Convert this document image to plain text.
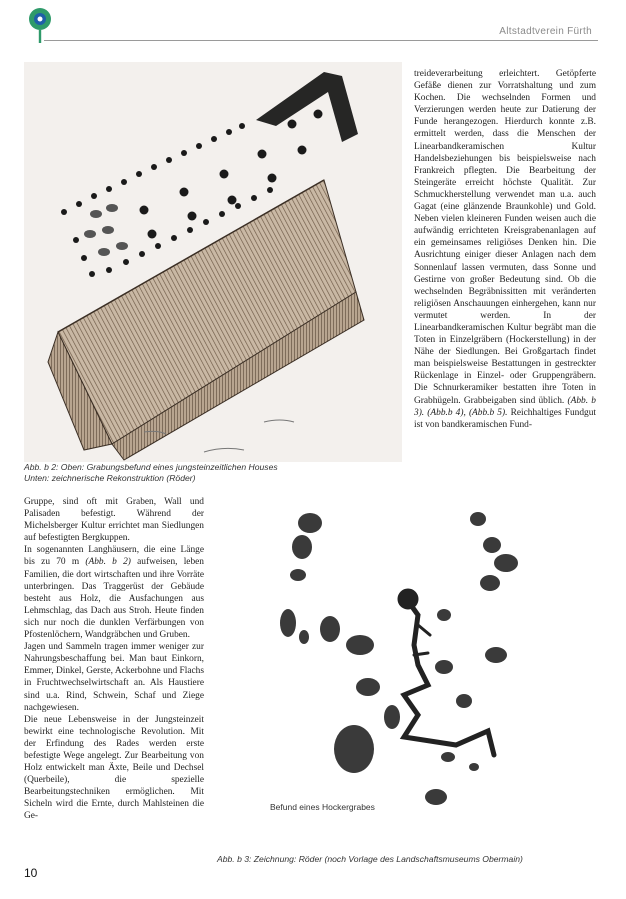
Altstadtverein Fürth
Abb. b 2: Oben: Grabungsbefund eines jungsteinzeitlichen Houses
Unten: zeichnerische Rekonstruktion (Röder)

treideverarbeitung erleichtert. Getöpferte Gefäße dienen zur Vorratshaltung und zum Kochen. Die wechselnden Formen und Verzierungen werden heute zur Datierung der Funde herangezogen. Hierdurch konnte z.B. ermittelt werden, dass die Menschen der Linearbandkeramischen Kultur Handelsbeziehungen bis beispielsweise nach Frankreich pflegten. Die Bearbeitung der Steingeräte erreicht höchste Qualität. Zur Schmuckherstellung verwendet man u.a. auch Gagat (eine glänzende Braunkohle) und Gold. Neben vielen kleineren Funden weisen auch die aufwändig errichteten Kreisgrabenanlagen auf ein gemeinsames religiöses Denken hin. Die Ausrichtung einiger dieser Anlagen nach dem Sonnenlauf lassen vermuten, dass Sonne und Gestirne von großer Bedeutung sind. Ob die wechselnden Begräbnissitten mit veränderten religiösen Anschauungen einhergehen, kann nur vermutet werden. In der Linearbandkeramischen Kultur begräbt man die Toten in Einzelgräbern (Hockerstellung) in der Nähe der Siedlungen. Bei Großgartach findet man beispielsweise Bestattungen in gestreckter Rückenlage in Einzel- oder Gruppengräbern. Die Schnurkeramiker bestatten ihre Toten in Grabhügeln. Grabbeigaben sind üblich. (Abb. b 3). (Abb.b 4), (Abb.b 5). Reichhaltiges Fundgut ist von bandkeramischen Fund-

Gruppe, sind oft mit Graben, Wall und Palisaden befestigt. Während der Michelsberger Kultur errichtet man Siedlungen auf befestigten Bergkuppen.

In sogenannten Langhäusern, die eine Länge bis zu 70 m (Abb. b 2) aufweisen, leben Familien, die dort wirtschaften und ihre Vorräte unterbringen. Das Traggerüst der Gebäude besteht aus Holz, die Ausfachungen aus Lehmschlag, das Dach aus Stroh. Heute finden sich nur noch die dunklen Verfärbungen von Pfostenlöchern, Wandgräbchen und Gruben.

Jagen und Sammeln tragen immer weniger zur Nahrungsbeschaffung bei. Man baut Einkorn, Emmer, Dinkel, Gerste, Ackerbohne und Flachs in Fruchtwechselwirtschaft an. Als Haustiere sind u.a. Rind, Schwein, Schaf und Ziege nachgewiesen.

Die neue Lebensweise in der Jungsteinzeit bewirkt eine technologische Revolution. Mit der Erfindung des Rades werden erste befestigte Wege angelegt. Zur Bearbeitung von Holz entwickelt man Äxte, Beile und Dechsel (Querbeile), die spezielle Bearbeitungstechniken ermöglichen. Mit Sicheln wird die Ernte, durch Mahlsteinen die Ge-

Befund eines Hockergrabes
Abb. b 3: Zeichnung: Röder (noch Vorlage des Landschaftsmuseums Obermain)
10
